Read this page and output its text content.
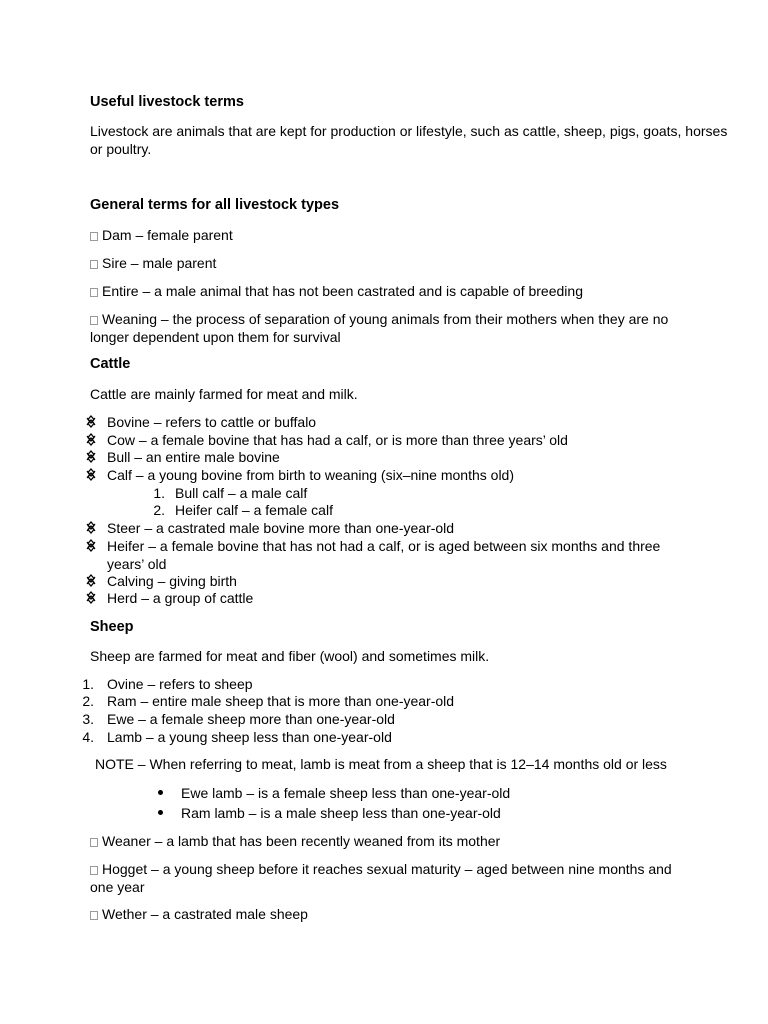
Useful livestock terms
Livestock are animals that are kept for production or lifestyle, such as cattle, sheep, pigs, goats, horses
or poultry.
General terms for all livestock types
Dam – female parent
Sire – male parent
Entire – a male animal that has not been castrated and is capable of breeding
Weaning – the process of separation of young animals from their mothers when they are no longer dependent upon them for survival
Cattle
Cattle are mainly farmed for meat and milk.
Bovine – refers to cattle or buffalo
Cow – a female bovine that has had a calf, or is more than three years’ old
Bull – an entire male bovine
Calf – a young bovine from birth to weaning (six–nine months old)
1. Bull calf – a male calf
2. Heifer calf – a female calf
Steer – a castrated male bovine more than one-year-old
Heifer – a female bovine that has not had a calf, or is aged between six months and three years’ old
Calving – giving birth
Herd – a group of cattle
Sheep
Sheep are farmed for meat and fiber (wool) and sometimes milk.
1. Ovine – refers to sheep
2. Ram – entire male sheep that is more than one-year-old
3. Ewe – a female sheep more than one-year-old
4. Lamb – a young sheep less than one-year-old
NOTE – When referring to meat, lamb is meat from a sheep that is 12–14 months old or less
Ewe lamb – is a female sheep less than one-year-old
Ram lamb – is a male sheep less than one-year-old
Weaner – a lamb that has been recently weaned from its mother
Hogget – a young sheep before it reaches sexual maturity – aged between nine months and one year
Wether – a castrated male sheep
